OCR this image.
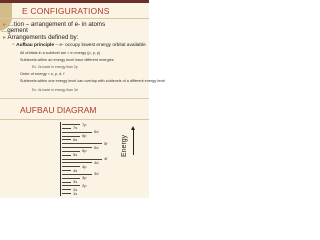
E CONFIGURATIONS
▸ …tion – arrangement of e- in atoms
…gement
▸ Arrangements defined by:
‣ Aufbau principle – e- occupy lowest energy orbital available
All orbitals in a sublevel are = in energy (p, p, p)
Sublevels within an energy level have different energies
Ex: 2s lower in energy than 2p
Order of energy = s, p, d, f
Sublevels within one energy level can overlap with sublevels of a different energy level
Ex: 4s lower in energy than 3d
AUFBAU DIAGRAM
1s
2s
2p
3s
3p
3d
4s
4p
4d
4f
5s
5p
5d
5f
6s
6p
6d
7s
7p
Energy
